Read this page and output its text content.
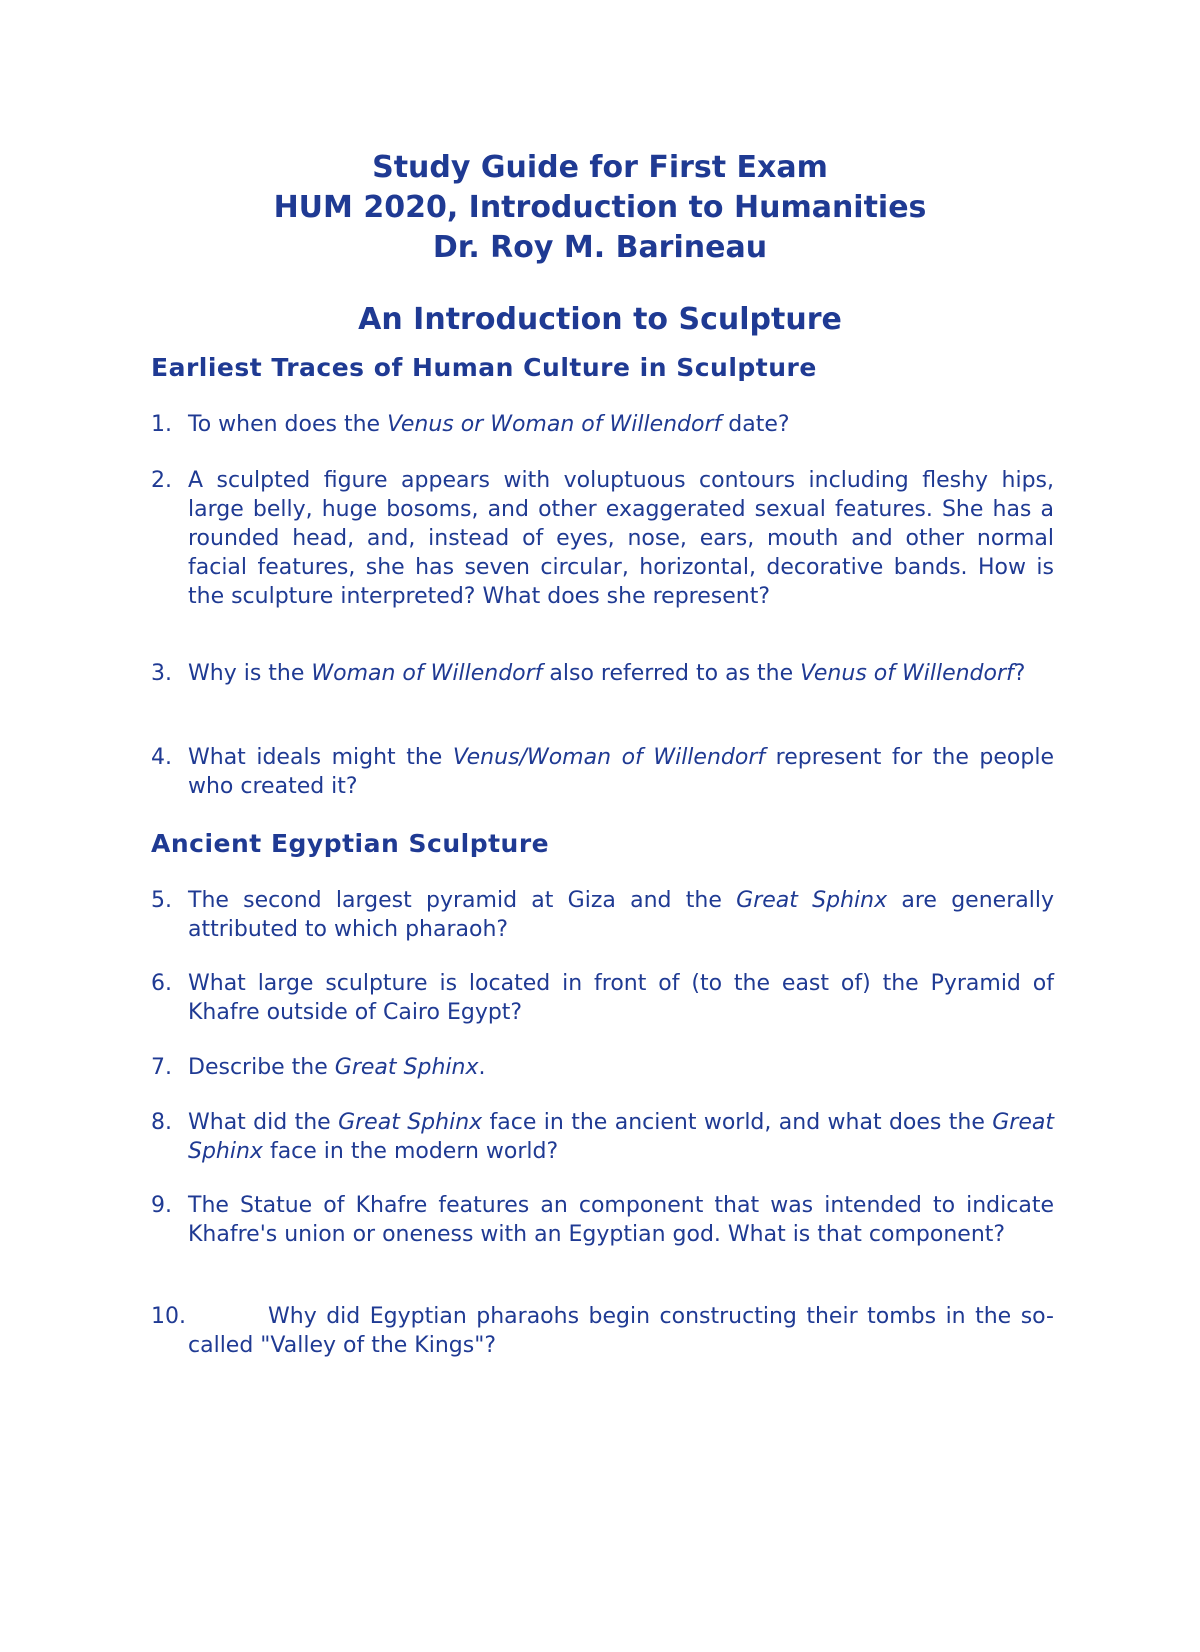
Study Guide for First Exam
HUM 2020, Introduction to Humanities
Dr. Roy M. Barineau
An Introduction to Sculpture
Earliest Traces of Human Culture in Sculpture
1. To when does the Venus or Woman of Willendorf date?
2. A sculpted figure appears with voluptuous contours including fleshy hips, large belly, huge bosoms, and other exaggerated sexual features. She has a rounded head, and, instead of eyes, nose, ears, mouth and other normal facial features, she has seven circular, horizontal, decorative bands. How is the sculpture interpreted? What does she represent?
3. Why is the Woman of Willendorf also referred to as the Venus of Willendorf?
4. What ideals might the Venus/Woman of Willendorf represent for the people who created it?
Ancient Egyptian Sculpture
5. The second largest pyramid at Giza and the Great Sphinx are generally attributed to which pharaoh?
6. What large sculpture is located in front of (to the east of) the Pyramid of Khafre outside of Cairo Egypt?
7. Describe the Great Sphinx.
8. What did the Great Sphinx face in the ancient world, and what does the Great Sphinx face in the modern world?
9. The Statue of Khafre features an component that was intended to indicate Khafre's union or oneness with an Egyptian god. What is that component?
10.	Why did Egyptian pharaohs begin constructing their tombs in the so-called "Valley of the Kings"?
